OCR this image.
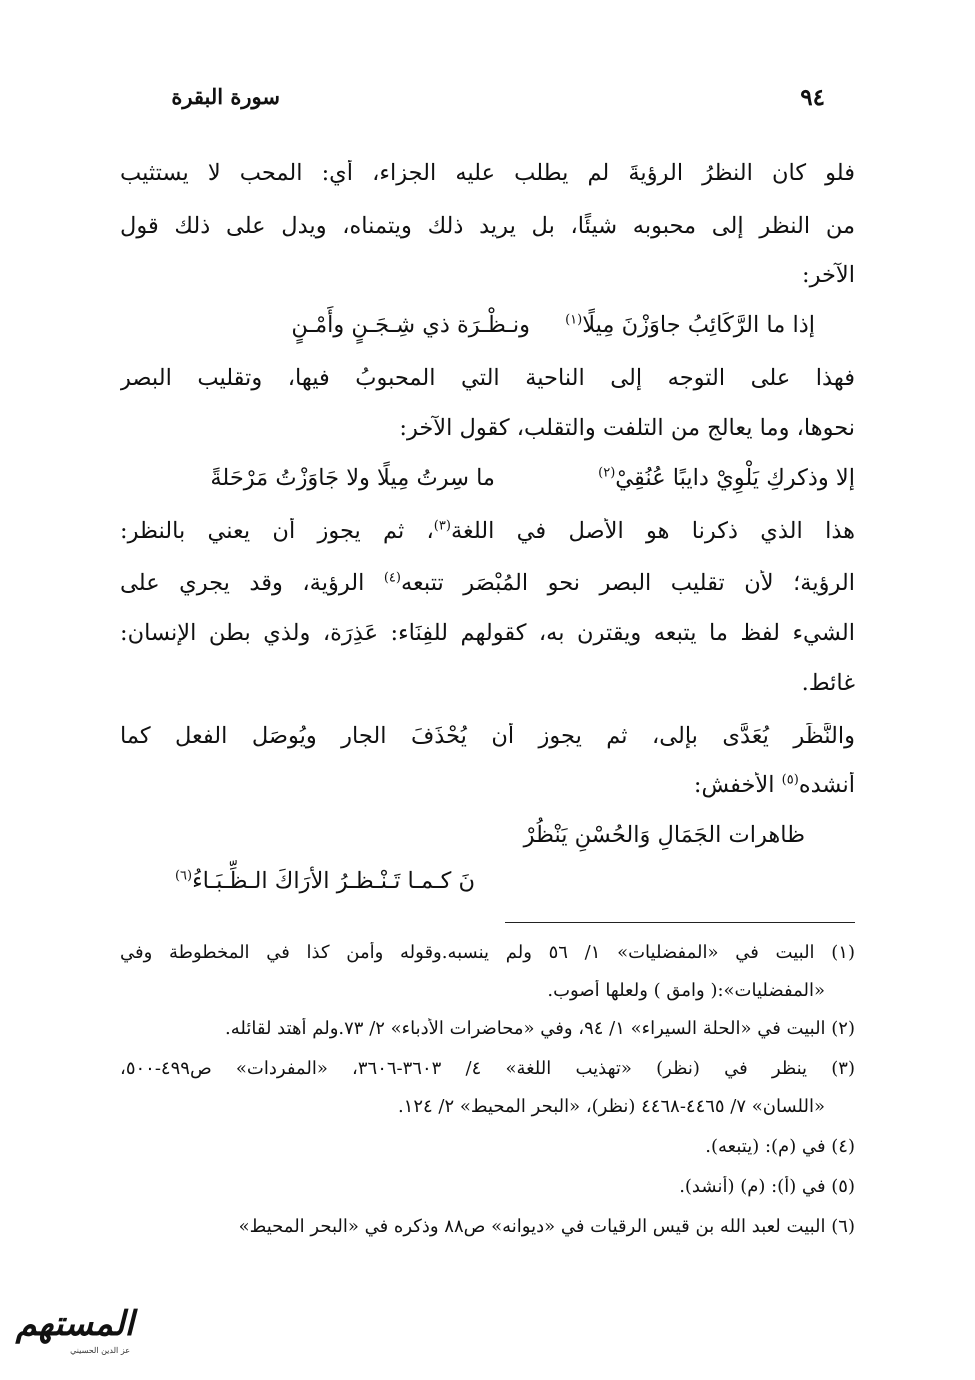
سورة البقرة	٩٤
فلو كان النظرُ الرؤيةَ لم يطلب عليه الجزاء، أي: المحب لا يستثيب
من النظر إلى محبوبه شيئًا، بل يريد ذلك ويتمناه، ويدل على ذلك قول
الآخر:
ونـظْـرَة ذي شِـجَـنٍ وأَمْـنٍ	إذا ما الرَّكَائِبُ جاوَزْنَ مِيلًا$^{(١)}$
فهذا على التوجه إلى الناحية التي المحبوبُ فيها، وتقليب البصر
نحوها، وما يعالج من التلفت والتقلب، كقول الآخر:
ما سِرتُ مِيلًا ولا جَاوَزْتُ مَرْحَلةً	إلا وذكركِ يَلْوِيْ دايبًا عُنُقِيْ$^{(٢)}$
هذا الذي ذكرنا هو الأصل في اللغة$^{(٣)}$، ثم يجوز أن يعني بالنظر:
الرؤية؛ لأن تقليب البصر نحو المُبْصَر تتبعه$^{(٤)}$ الرؤية، وقد يجري على
الشيء لفظ ما يتبعه ويقترن به، كقولهم للفِنَاء: عَذِرَة، ولذي بطن الإنسان:
غائط.
والنَّظَر يُعَدَّى بإلى، ثم يجوز أن يُحْذَفَ الجار ويُوصَل الفعل كما
أنشده$^{(٥)}$ الأخفش:
ظاهرات الجَمَالِ وَالحُسْنِ يَنْظُرْ
نَ كـمـا تَـنْـظـرُ الأرَاكَ الـظِّـبَـاءُ$^{(٦)}$
(١) البيت في «المفضليات» ١/ ٥٦ ولم ينسبه.وقوله وأمن كذا في المخطوطة وفي
«المفضليات»:( وامق ) ولعلها أصوب.
(٢) البيت في «الحلة السيراء» ١/ ٩٤، وفي «محاضرات الأدباء» ٢/ ٧٣.ولم أهتد لقائله.
(٣) ينظر في (نظر) «تهذيب اللغة» ٤/ ٣٦٠٣-٣٦٠٦، «المفردات» ص٤٩٩-٥٠٠،
«اللسان» ٧/ ٤٤٦٥-٤٤٦٨ (نظر)، «البحر المحيط» ٢/ ١٢٤.
(٤) في (م): (يتبعه).
(٥) في (أ): (م) (أنشد).
(٦) البيت لعبد الله بن قيس الرقيات في «ديوانه» ص٨٨ وذكره في «البحر المحيط»
المستهم
عز الدين الحسيني
